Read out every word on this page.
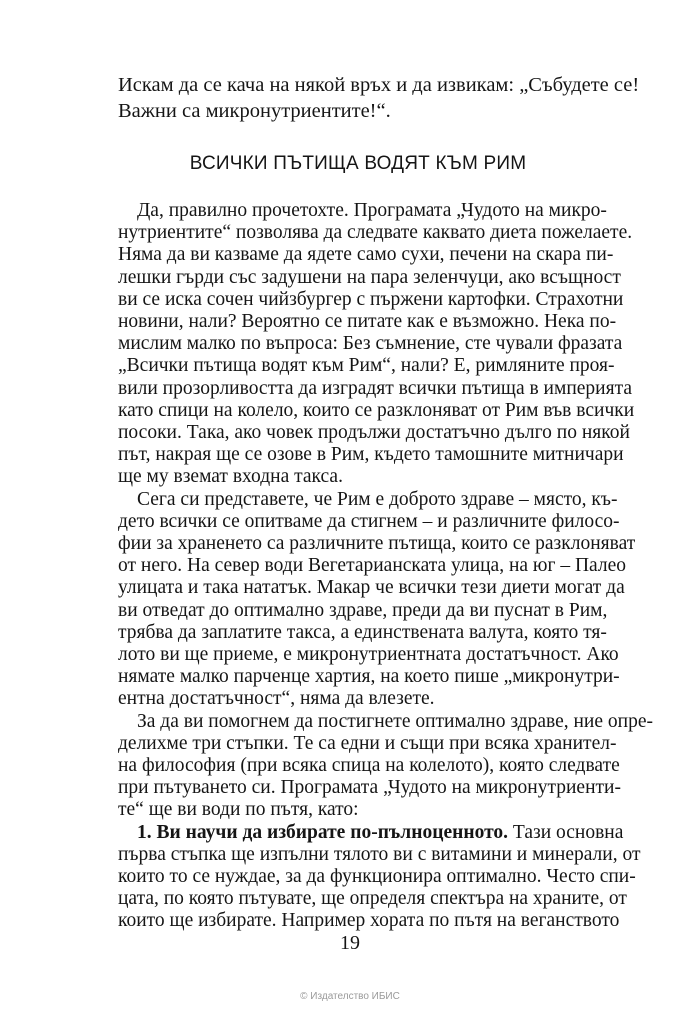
Искам да се кача на някой връх и да извикам: „Събудете се!
Важни са микронутриентите!“.
ВСИЧКИ ПЪТИЩА ВОДЯТ КЪМ РИМ
Да, правилно прочетохте. Програмата „Чудото на микро-
нутриентите“ позволява да следвате каквато диета пожелаете.
Няма да ви казваме да ядете само сухи, печени на скара пи-
лешки гърди със задушени на пара зеленчуци, ако всъщност
ви се иска сочен чийзбургер с пържени картофки. Страхотни
новини, нали? Вероятно се питате как е възможно. Нека по-
мислим малко по въпроса: Без съмнение, сте чували фразата
„Всички пътища водят към Рим“, нали? Е, римляните проя-
вили прозорливостта да изградят всички пътища в империята
като спици на колело, които се разклоняват от Рим във всички
посоки. Така, ако човек продължи достатъчно дълго по някой
път, накрая ще се озове в Рим, където тамошните митничари
ще му вземат входна такса.
Сега си представете, че Рим е доброто здраве – място, къ-
дето всички се опитваме да стигнем – и различните филосо-
фии за храненето са различните пътища, които се разклоняват
от него. На север води Вегетарианската улица, на юг – Палео
улицата и така нататък. Макар че всички тези диети могат да
ви отведат до оптимално здраве, преди да ви пуснат в Рим,
трябва да заплатите такса, а единствената валута, която тя-
лото ви ще приеме, е микронутриентната достатъчност. Ако
нямате малко парченце хартия, на което пише „микронутри-
ентна достатъчност“, няма да влезете.
За да ви помогнем да постигнете оптимално здраве, ние опре-
делихме три стъпки. Те са едни и същи при всяка хранител-
на философия (при всяка спица на колелото), която следвате
при пътуването си. Програмата „Чудото на микронутриенти-
те“ ще ви води по пътя, като:
1. Ви научи да избирате по-пълноценното. Тази основна
първа стъпка ще изпълни тялото ви с витамини и минерали, от
които то се нуждае, за да функционира оптимално. Често спи-
цата, по която пътувате, ще определя спектъра на храните, от
които ще избирате. Например хората по пътя на веганството
19
© Издателство ИБИС
